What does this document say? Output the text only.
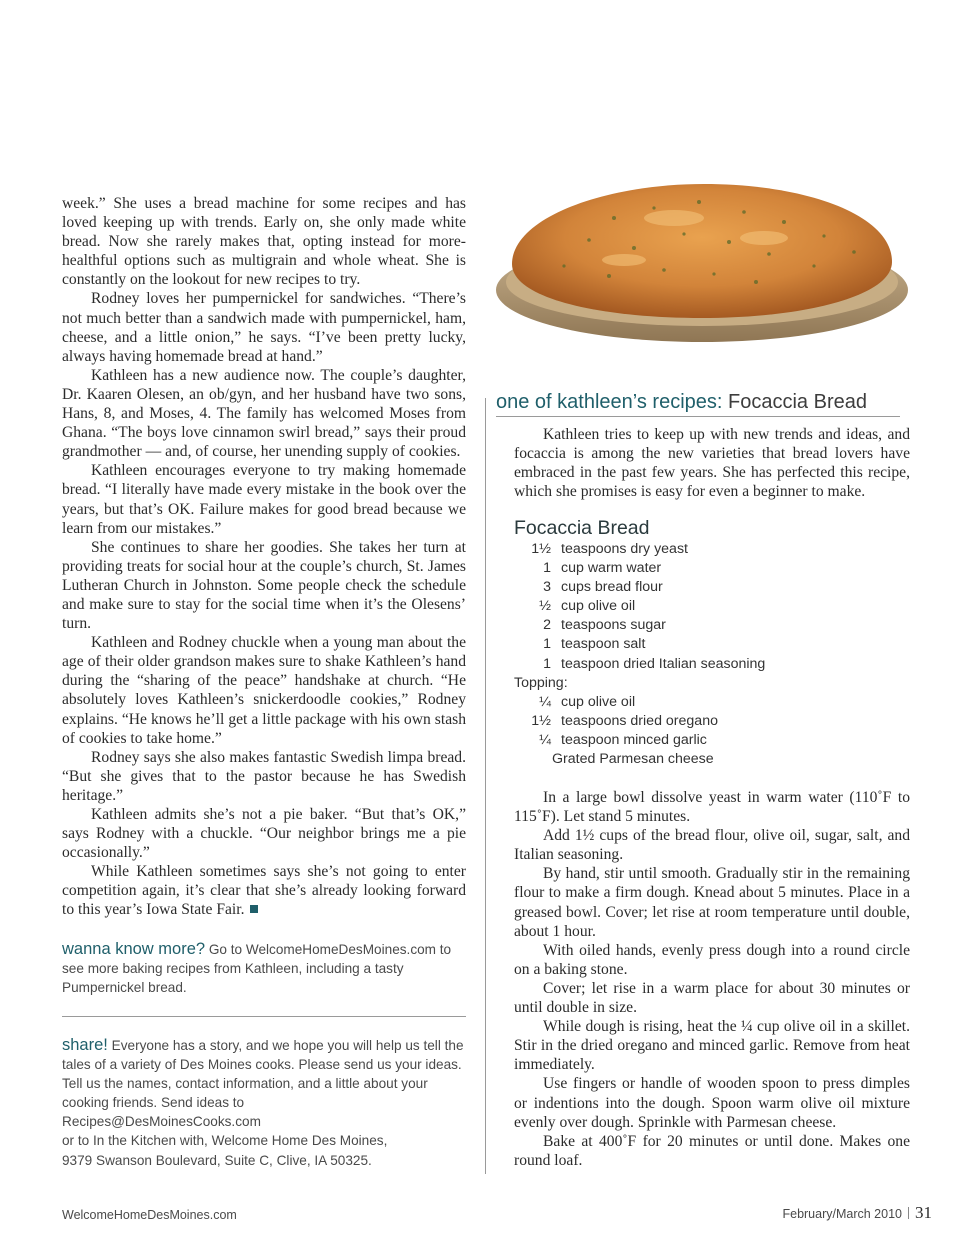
week.” She uses a bread machine for some recipes and has loved keeping up with trends. Early on, she only made white bread. Now she rarely makes that, opting instead for more-healthful options such as multigrain and whole wheat. She is constantly on the lookout for new recipes to try.

Rodney loves her pumpernickel for sandwiches. “There’s not much better than a sandwich made with pumpernickel, ham, cheese, and a little onion,” he says. “I’ve been pretty lucky, always having homemade bread at hand.”

Kathleen has a new audience now. The couple’s daughter, Dr. Kaaren Olesen, an ob/gyn, and her husband have two sons, Hans, 8, and Moses, 4. The family has welcomed Moses from Ghana. “The boys love cinnamon swirl bread,” says their proud grandmother — and, of course, her unending supply of cookies.

Kathleen encourages everyone to try making homemade bread. “I literally have made every mistake in the book over the years, but that’s OK. Failure makes for good bread because we learn from our mistakes.”

She continues to share her goodies. She takes her turn at providing treats for social hour at the couple’s church, St. James Lutheran Church in Johnston. Some people check the schedule and make sure to stay for the social time when it’s the Olesens’ turn.

Kathleen and Rodney chuckle when a young man about the age of their older grandson makes sure to shake Kathleen’s hand during the “sharing of the peace” handshake at church. “He absolutely loves Kathleen’s snickerdoodle cookies,” Rodney explains. “He knows he’ll get a little package with his own stash of cookies to take home.”

Rodney says she also makes fantastic Swedish limpa bread. “But she gives that to the pastor because he has Swedish heritage.”

Kathleen admits she’s not a pie baker. “But that’s OK,” says Rodney with a chuckle. “Our neighbor brings me a pie occasionally.”

While Kathleen sometimes says she’s not going to enter competition again, it’s clear that she’s already looking forward to this year’s Iowa State Fair.

wanna know more? Go to WelcomeHomeDesMoines.com to see more baking recipes from Kathleen, including a tasty Pumpernickel bread.
share! Everyone has a story, and we hope you will help us tell the tales of a variety of Des Moines cooks. Please send us your ideas. Tell us the names, contact information, and a little about your cooking friends. Send ideas to
Recipes@DesMoinesCooks.com
or to In the Kitchen with, Welcome Home Des Moines,
9379 Swanson Boulevard, Suite C, Clive, IA 50325.
one of kathleen’s recipes: Focaccia Bread

Kathleen tries to keep up with new trends and ideas, and focaccia is among the new varieties that bread lovers have embraced in the past few years. She has perfected this recipe, which she promises is easy for even a beginner to make.

Focaccia Bread
1½ teaspoons dry yeast
1 cup warm water
3 cups bread flour
½ cup olive oil
2 teaspoons sugar
1 teaspoon salt
1 teaspoon dried Italian seasoning
Topping:
¼ cup olive oil
1½ teaspoons dried oregano
¼ teaspoon minced garlic
Grated Parmesan cheese

In a large bowl dissolve yeast in warm water (110˚F to 115˚F). Let stand 5 minutes.

Add 1½ cups of the bread flour, olive oil, sugar, salt, and Italian seasoning.

By hand, stir until smooth. Gradually stir in the remaining flour to make a firm dough. Knead about 5 minutes. Place in a greased bowl. Cover; let rise at room temperature until double, about 1 hour.

With oiled hands, evenly press dough into a round circle on a baking stone.

Cover; let rise in a warm place for about 30 minutes or until double in size.

While dough is rising, heat the ¼ cup olive oil in a skillet. Stir in the dried oregano and minced garlic. Remove from heat immediately.

Use fingers or handle of wooden spoon to press dimples or indentions into the dough. Spoon warm olive oil mixture evenly over dough. Sprinkle with Parmesan cheese.

Bake at 400˚F for 20 minutes or until done. Makes one round loaf.

WelcomeHomeDesMoines.com	February/March 2010 31
